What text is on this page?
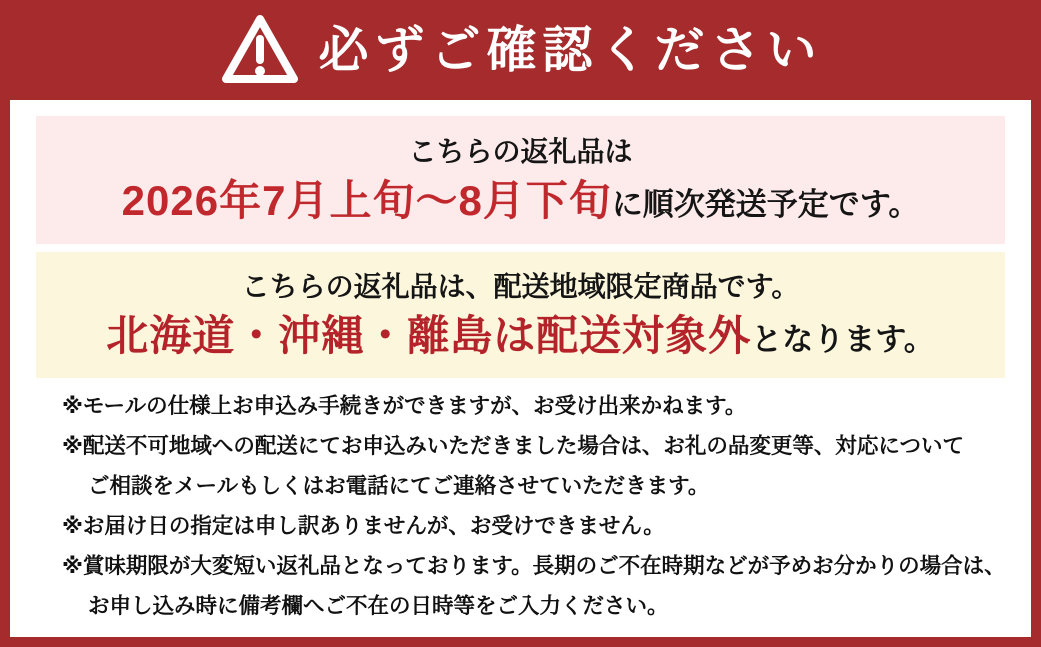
必ずご確認ください
こちらの返礼品は
2026年7月上旬～8月下旬に順次発送予定です。
こちらの返礼品は、配送地域限定商品です。
北海道・沖縄・離島は配送対象外となります。
※モールの仕様上お申込み手続きができますが、お受け出来かねます。
※配送不可地域への配送にてお申込みいただきました場合は、お礼の品変更等、対応について
ご相談をメールもしくはお電話にてご連絡させていただきます。
※お届け日の指定は申し訳ありませんが、お受けできません。
※賞味期限が大変短い返礼品となっております。長期のご不在時期などが予めお分かりの場合は、
お申し込み時に備考欄へご不在の日時等をご入力ください。
